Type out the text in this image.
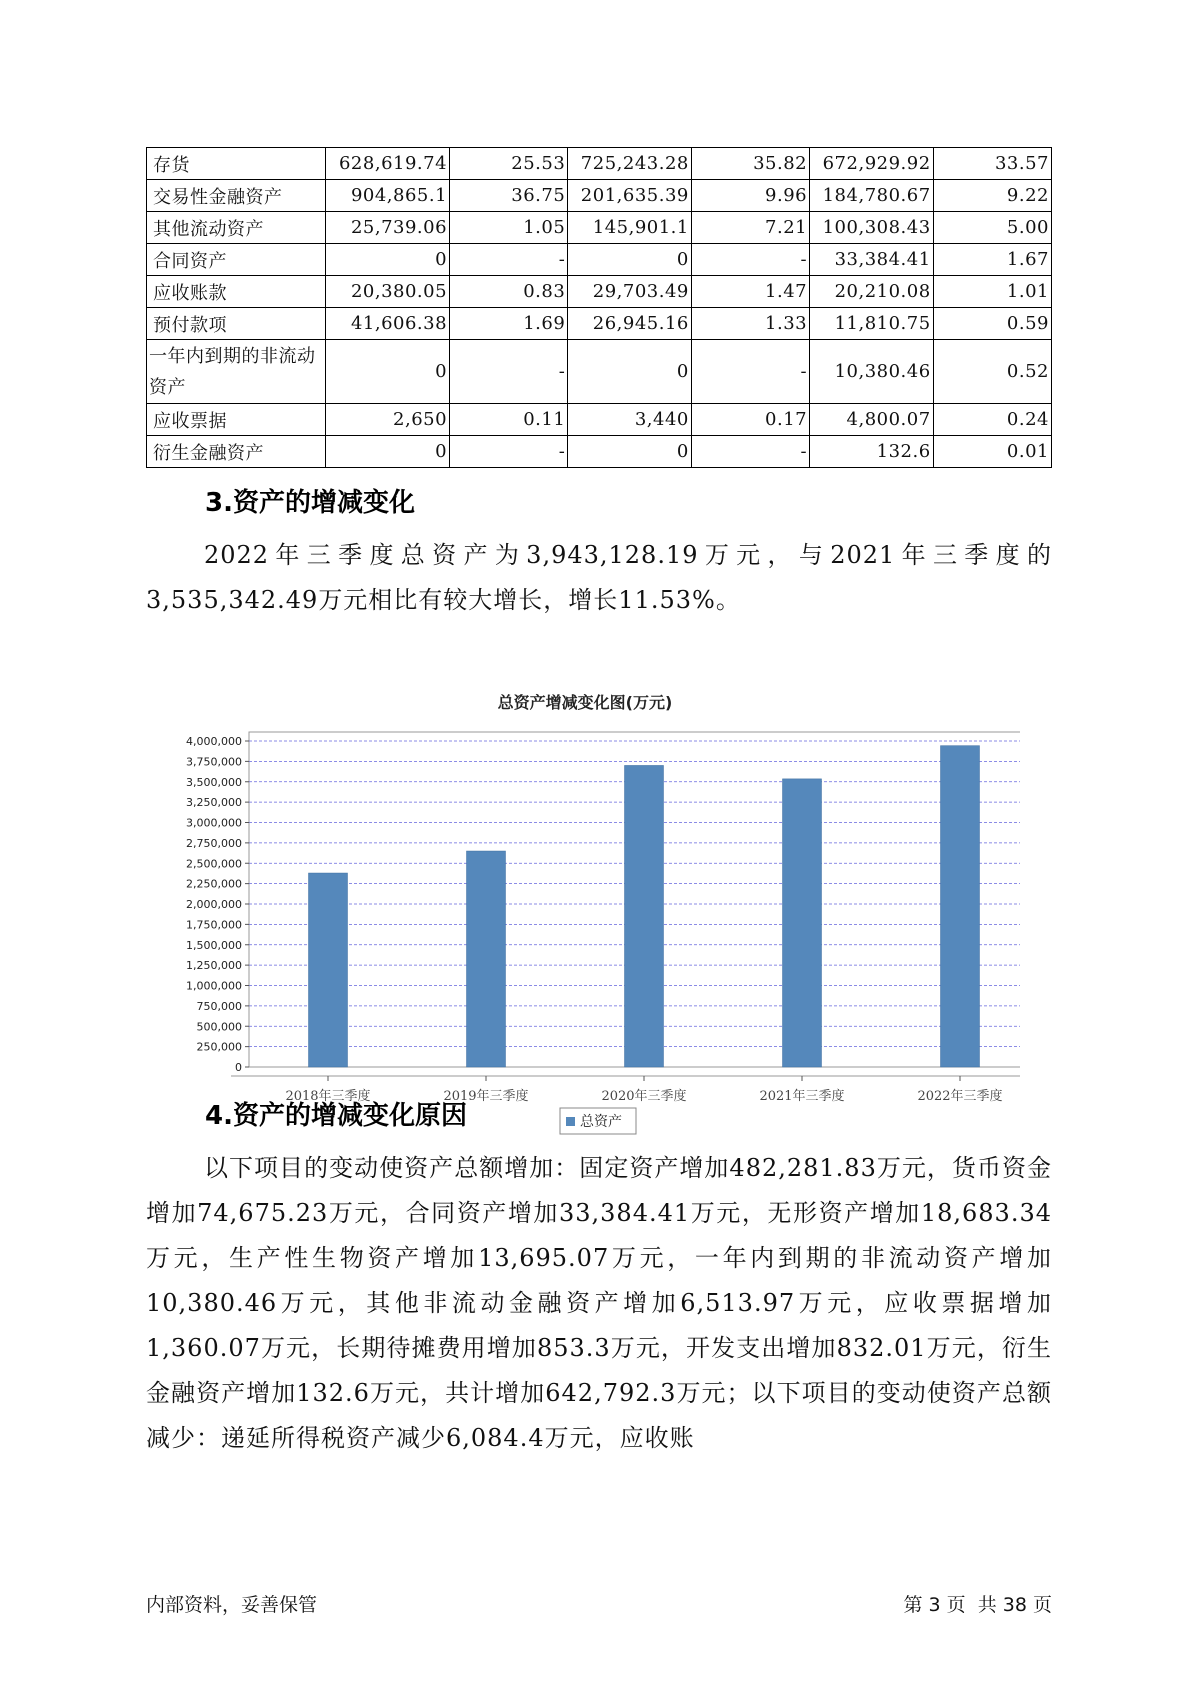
存货	628,619.74	25.53	725,243.28	35.82	672,929.92	33.57
交易性金融资产	904,865.1	36.75	201,635.39	9.96	184,780.67	9.22
其他流动资产	25,739.06	1.05	145,901.1	7.21	100,308.43	5.00
合同资产	0	-	0	-	33,384.41	1.67
应收账款	20,380.05	0.83	29,703.49	1.47	20,210.08	1.01
预付款项	41,606.38	1.69	26,945.16	1.33	11,810.75	0.59
一年内到期的非流动资产	0	-	0	-	10,380.46	0.52
应收票据	2,650	0.11	3,440	0.17	4,800.07	0.24
衍生金融资产	0	-	0	-	132.6	0.01
3.资产的增减变化
2022年三季度总资产为3,943,128.19万元，与2021年三季度的3,535,342.49万元相比有较大增长，增长11.53%。
总资产增减变化图(万元)
0
250,000
500,000
750,000
1,000,000
1,250,000
1,500,000
1,750,000
2,000,000
2,250,000
2,500,000
2,750,000
3,000,000
3,250,000
3,500,000
3,750,000
4,000,000
2018年三季度	2019年三季度	2020年三季度	2021年三季度	2022年三季度
总资产
4.资产的增减变化原因
以下项目的变动使资产总额增加：固定资产增加482,281.83万元，货币资金增加74,675.23万元，合同资产增加33,384.41万元，无形资产增加18,683.34万元，生产性生物资产增加13,695.07万元，一年内到期的非流动资产增加10,380.46万元，其他非流动金融资产增加6,513.97万元，应收票据增加1,360.07万元，长期待摊费用增加853.3万元，开发支出增加832.01万元，衍生金融资产增加132.6万元，共计增加642,792.3万元；以下项目的变动使资产总额减少：递延所得税资产减少6,084.4万元，应收账
内部资料，妥善保管	第 3 页  共 38 页
